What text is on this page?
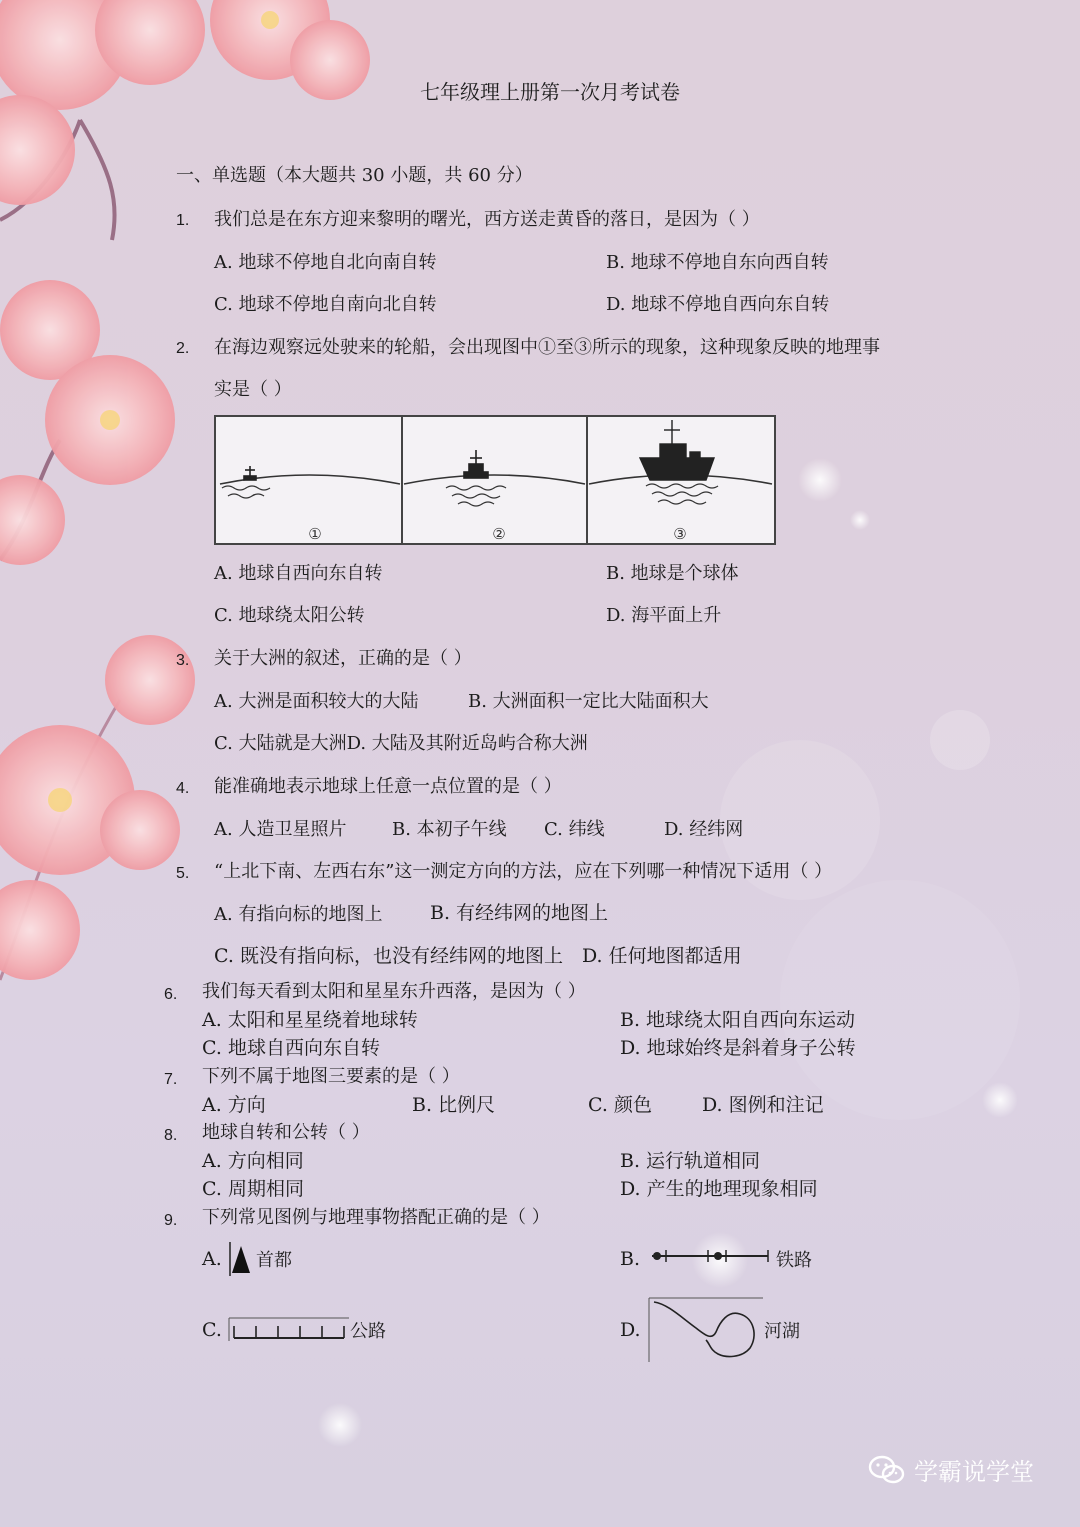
七年级理上册第一次月考试卷
一、单选题（本大题共 30 小题，共 60 分）
1. 我们总是在东方迎来黎明的曙光，西方送走黄昏的落日，是因为（ ）
A. 地球不停地自北向南自转	B. 地球不停地自东向西自转
C. 地球不停地自南向北自转	D. 地球不停地自西向东自转
2. 在海边观察远处驶来的轮船，会出现图中①至③所示的现象，这种现象反映的地理事
实是（ ）
①	②	③
A. 地球自西向东自转	B. 地球是个球体
C. 地球绕太阳公转	D. 海平面上升
3. 关于大洲的叙述，正确的是（ ）
A. 大洲是面积较大的大陆	B. 大洲面积一定比大陆面积大
C. 大陆就是大洲D. 大陆及其附近岛屿合称大洲
4. 能准确地表示地球上任意一点位置的是（ ）
A. 人造卫星照片	B. 本初子午线 C. 纬线	D. 经纬网
5. “上北下南、左西右东”这一测定方向的方法，应在下列哪一种情况下适用（ ）
A. 有指向标的地图上	B. 有经纬网的地图上
C. 既没有指向标，也没有经纬网的地图上 D. 任何地图都适用
6. 我们每天看到太阳和星星东升西落，是因为（ ）
A. 太阳和星星绕着地球转	B. 地球绕太阳自西向东运动
C. 地球自西向东自转	D. 地球始终是斜着身子公转
7. 下列不属于地图三要素的是（ ）
A. 方向	B. 比例尺	C. 颜色	D. 图例和注记
8. 地球自转和公转（ ）
A. 方向相同	B. 运行轨道相同
C. 周期相同	D. 产生的地理现象相同
9. 下列常见图例与地理事物搭配正确的是（ ）
A. 首都	B.	铁路
C.	公路	D.	河湖
学霸说学堂
